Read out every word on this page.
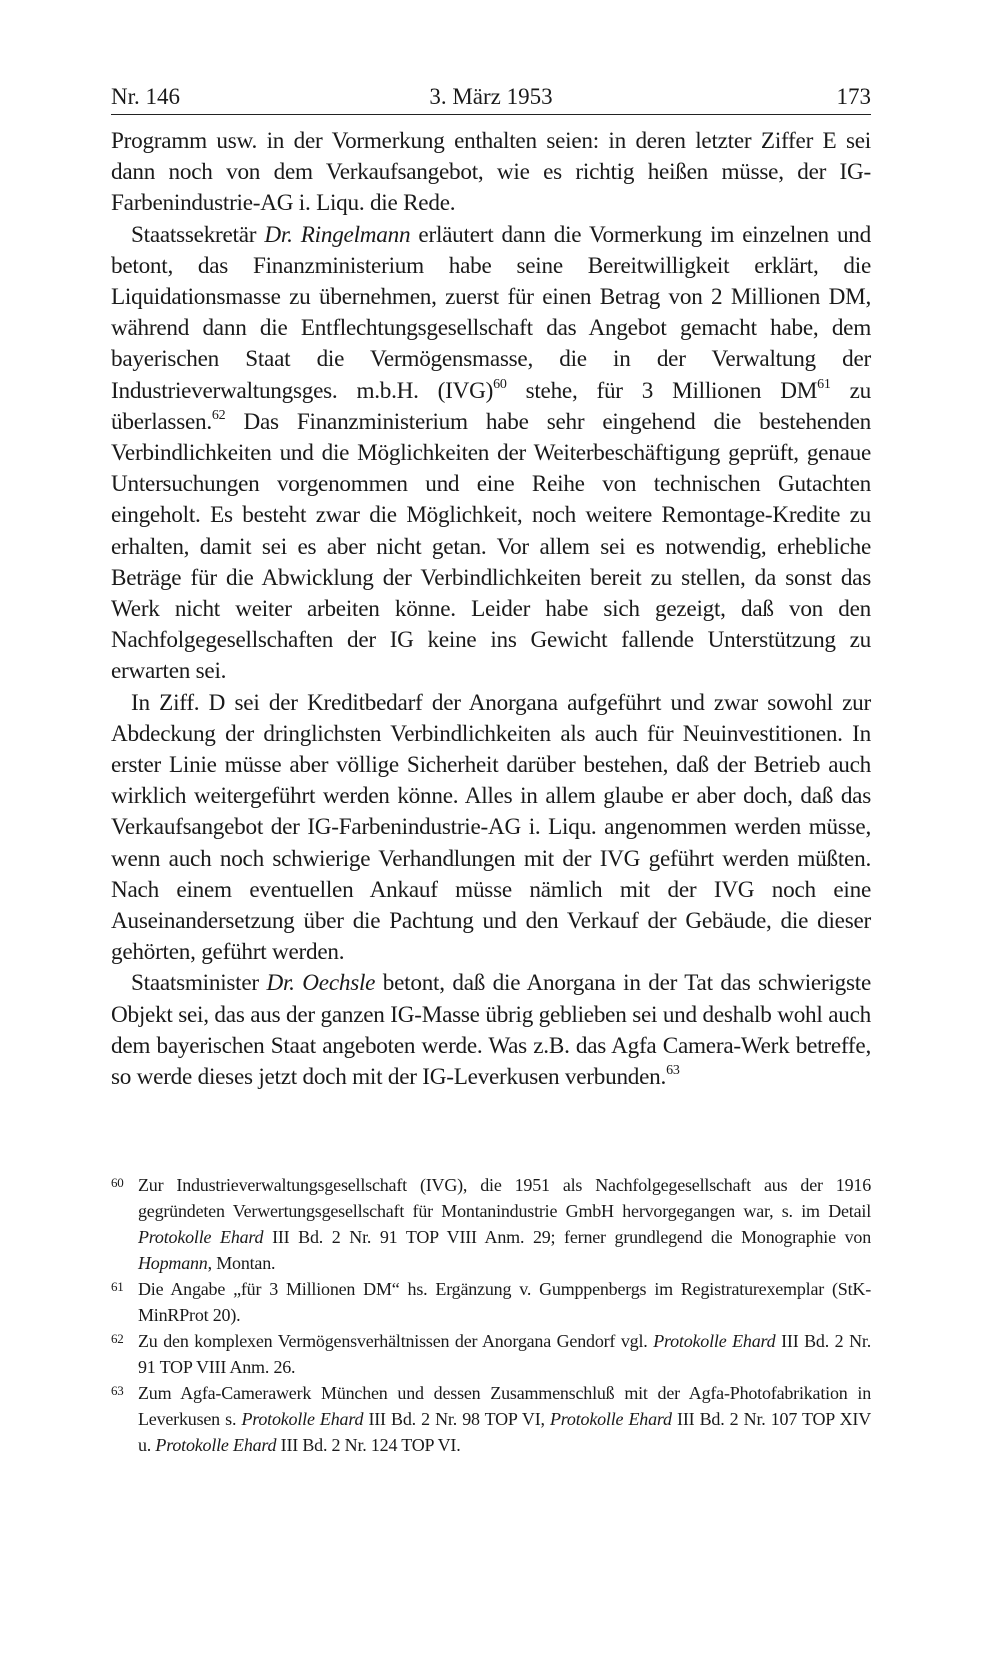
Nr. 146	3. März 1953	173

Programm usw. in der Vormerkung enthalten seien: in deren letzter Ziffer E sei dann noch von dem Verkaufsangebot, wie es richtig heißen müsse, der IG-Farbenindustrie-AG i. Liqu. die Rede.

Staatssekretär Dr. Ringelmann erläutert dann die Vormerkung im einzelnen und betont, das Finanzministerium habe seine Bereitwilligkeit erklärt, die Liquidationsmasse zu übernehmen, zuerst für einen Betrag von 2 Millionen DM, während dann die Entflechtungsgesellschaft das Angebot gemacht habe, dem bayerischen Staat die Vermögensmasse, die in der Verwaltung der Industrieverwaltungsges. m.b.H. (IVG)$^{60}$ stehe, für 3 Millionen DM$^{61}$ zu überlassen.$^{62}$ Das Finanzministerium habe sehr eingehend die bestehenden Verbindlichkeiten und die Möglichkeiten der Weiterbeschäftigung geprüft, genaue Untersuchungen vorgenommen und eine Reihe von technischen Gutachten eingeholt. Es besteht zwar die Möglichkeit, noch weitere Remontage-Kredite zu erhalten, damit sei es aber nicht getan. Vor allem sei es notwendig, erhebliche Beträge für die Abwicklung der Verbindlichkeiten bereit zu stellen, da sonst das Werk nicht weiter arbeiten könne. Leider habe sich gezeigt, daß von den Nachfolgegesellschaften der IG keine ins Gewicht fallende Unterstützung zu erwarten sei.

In Ziff. D sei der Kreditbedarf der Anorgana aufgeführt und zwar sowohl zur Abdeckung der dringlichsten Verbindlichkeiten als auch für Neuinvestitionen. In erster Linie müsse aber völlige Sicherheit darüber bestehen, daß der Betrieb auch wirklich weitergeführt werden könne. Alles in allem glaube er aber doch, daß das Verkaufsangebot der IG-Farbenindustrie-AG i. Liqu. angenommen werden müsse, wenn auch noch schwierige Verhandlungen mit der IVG geführt werden müßten. Nach einem eventuellen Ankauf müsse nämlich mit der IVG noch eine Auseinandersetzung über die Pachtung und den Verkauf der Gebäude, die dieser gehörten, geführt werden.

Staatsminister Dr. Oechsle betont, daß die Anorgana in der Tat das schwierigste Objekt sei, das aus der ganzen IG-Masse übrig geblieben sei und deshalb wohl auch dem bayerischen Staat angeboten werde. Was z.B. das Agfa Camera-Werk betreffe, so werde dieses jetzt doch mit der IG-Leverkusen verbunden.$^{63}$

60 Zur Industrieverwaltungsgesellschaft (IVG), die 1951 als Nachfolgegesellschaft aus der 1916 gegründeten Verwertungsgesellschaft für Montanindustrie GmbH hervorgegangen war, s. im Detail Protokolle Ehard III Bd. 2 Nr. 91 TOP VIII Anm. 29; ferner grundlegend die Monographie von Hopmann, Montan.

61 Die Angabe „für 3 Millionen DM“ hs. Ergänzung v. Gumppenbergs im Registraturexemplar (StK-MinRProt 20).

62 Zu den komplexen Vermögensverhältnissen der Anorgana Gendorf vgl. Protokolle Ehard III Bd. 2 Nr. 91 TOP VIII Anm. 26.

63 Zum Agfa-Camerawerk München und dessen Zusammenschluß mit der Agfa-Photofabrikation in Leverkusen s. Protokolle Ehard III Bd. 2 Nr. 98 TOP VI, Protokolle Ehard III Bd. 2 Nr. 107 TOP XIV u. Protokolle Ehard III Bd. 2 Nr. 124 TOP VI.
